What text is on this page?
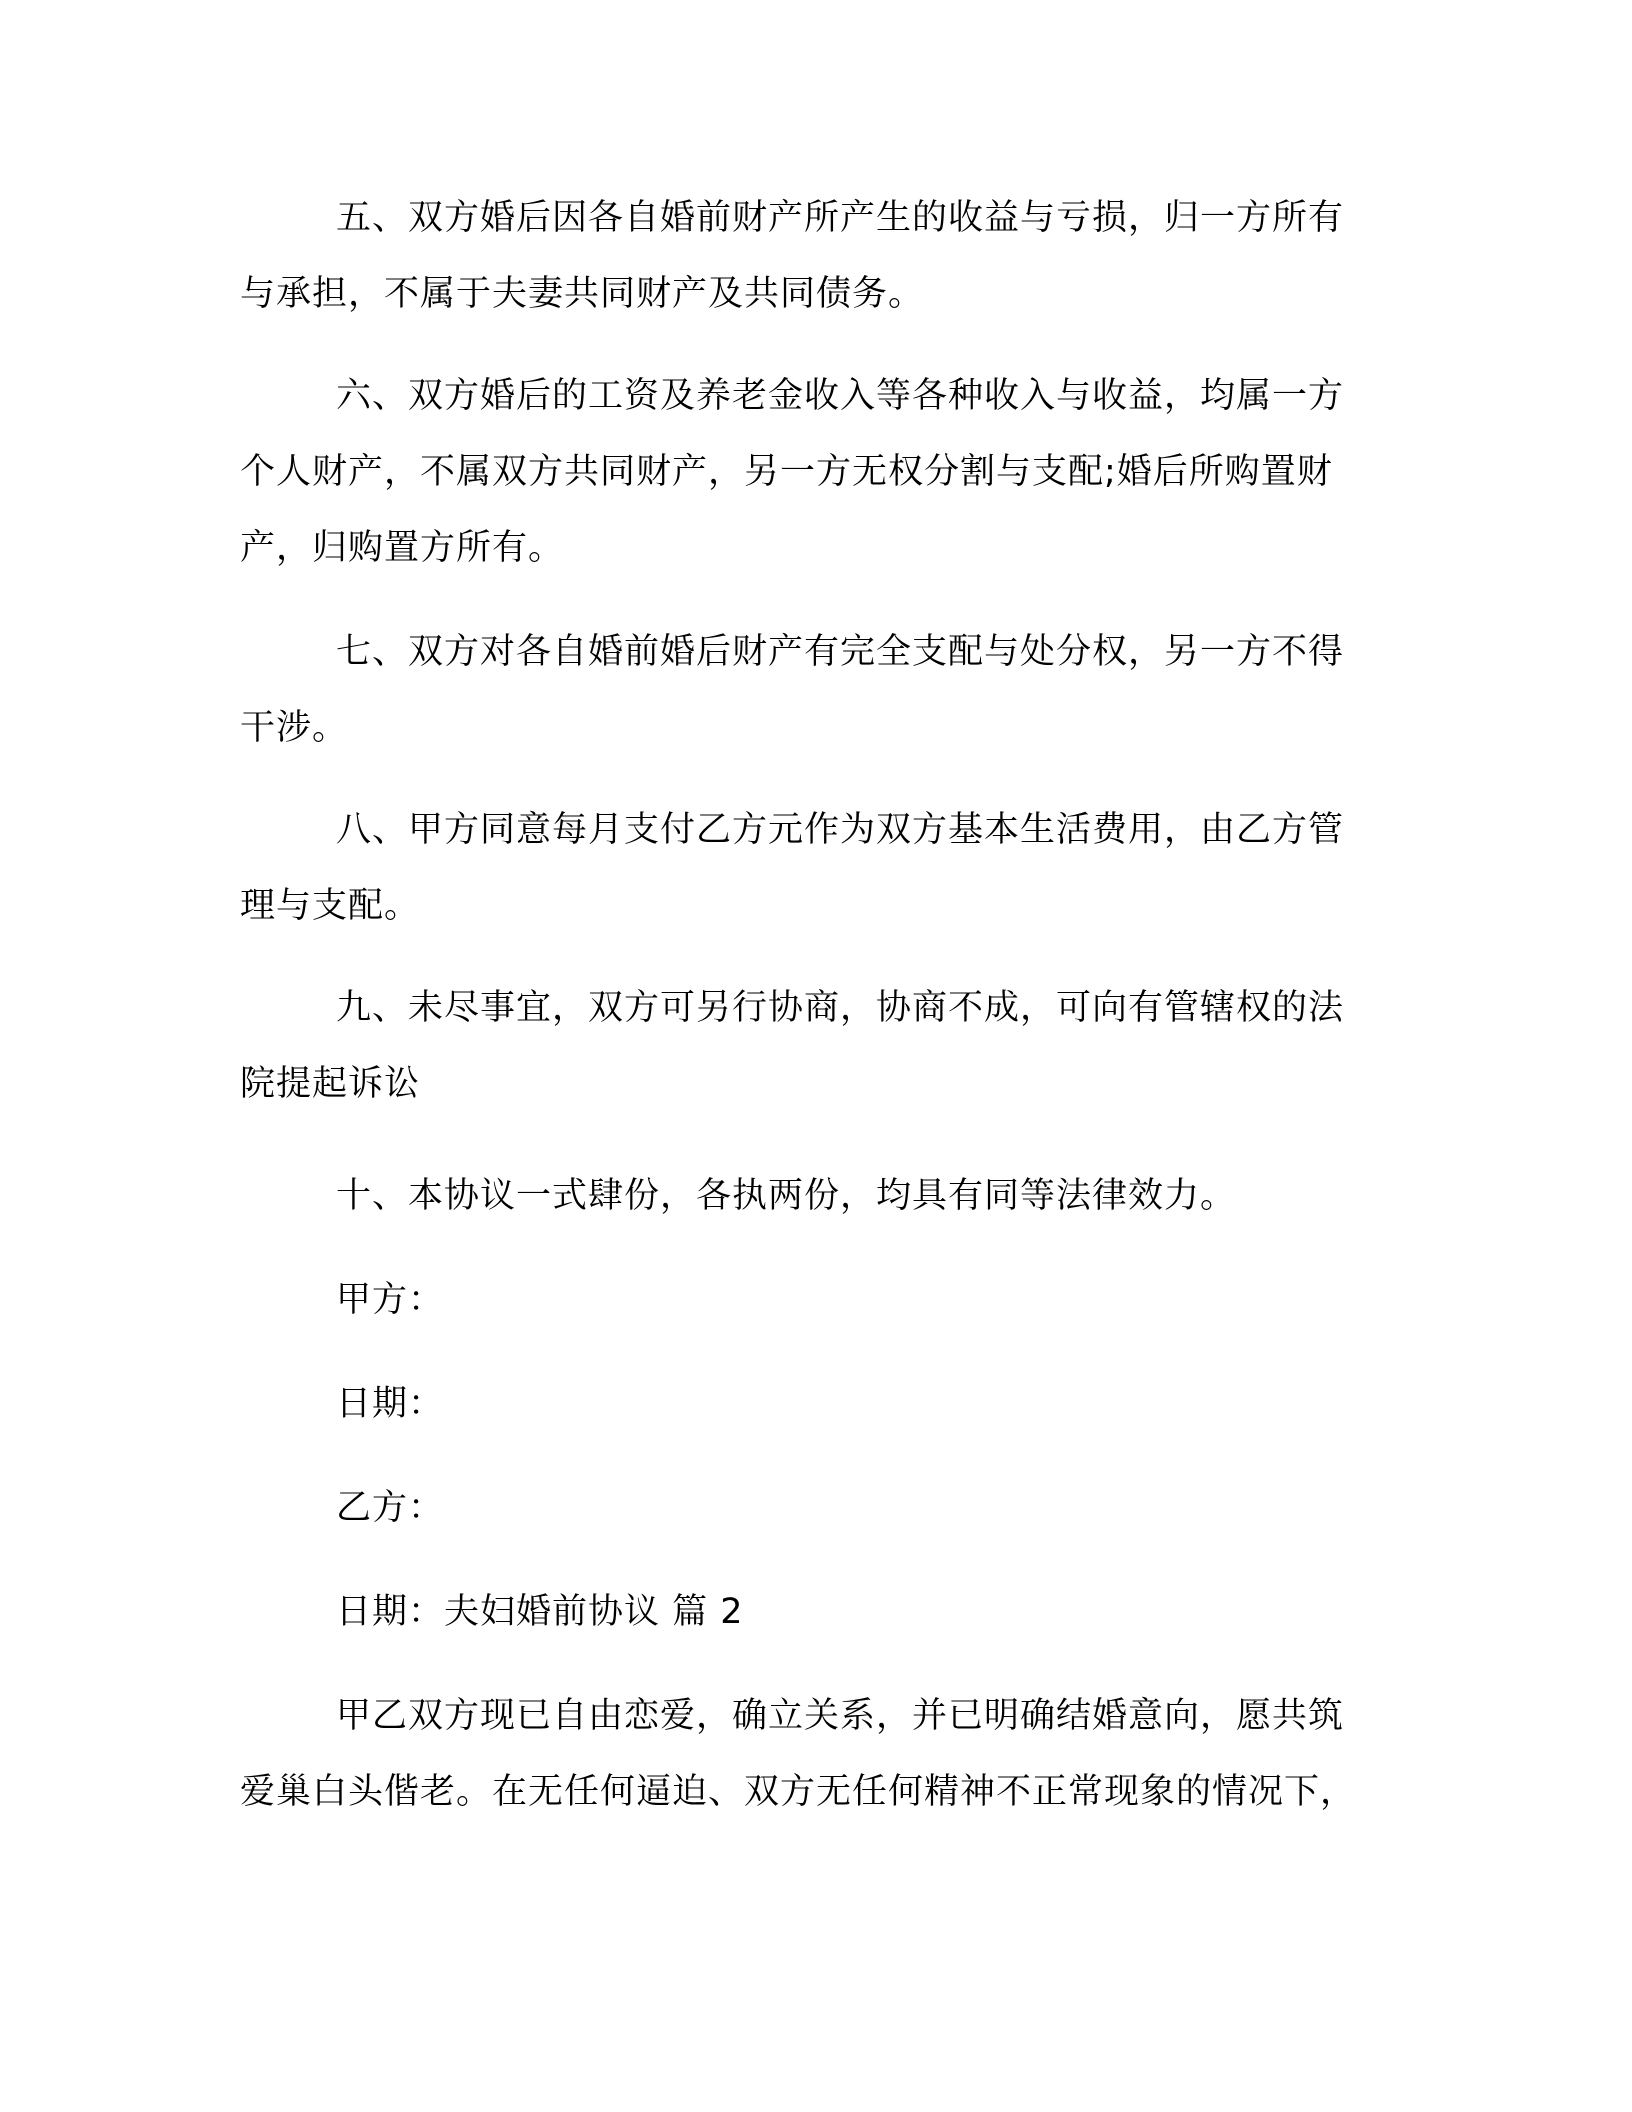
五、双方婚后因各自婚前财产所产生的收益与亏损，归一方所有
与承担，不属于夫妻共同财产及共同债务。
六、双方婚后的工资及养老金收入等各种收入与收益，均属一方
个人财产，不属双方共同财产，另一方无权分割与支配;婚后所购置财
产，归购置方所有。
七、双方对各自婚前婚后财产有完全支配与处分权，另一方不得
干涉。
八、甲方同意每月支付乙方元作为双方基本生活费用，由乙方管
理与支配。
九、未尽事宜，双方可另行协商，协商不成，可向有管辖权的法
院提起诉讼
十、本协议一式肆份，各执两份，均具有同等法律效力。
甲方：
日期：
乙方：
日期：夫妇婚前协议 篇 2
甲乙双方现已自由恋爱，确立关系，并已明确结婚意向，愿共筑
爱巢白头偕老。在无任何逼迫、双方无任何精神不正常现象的情况下，
